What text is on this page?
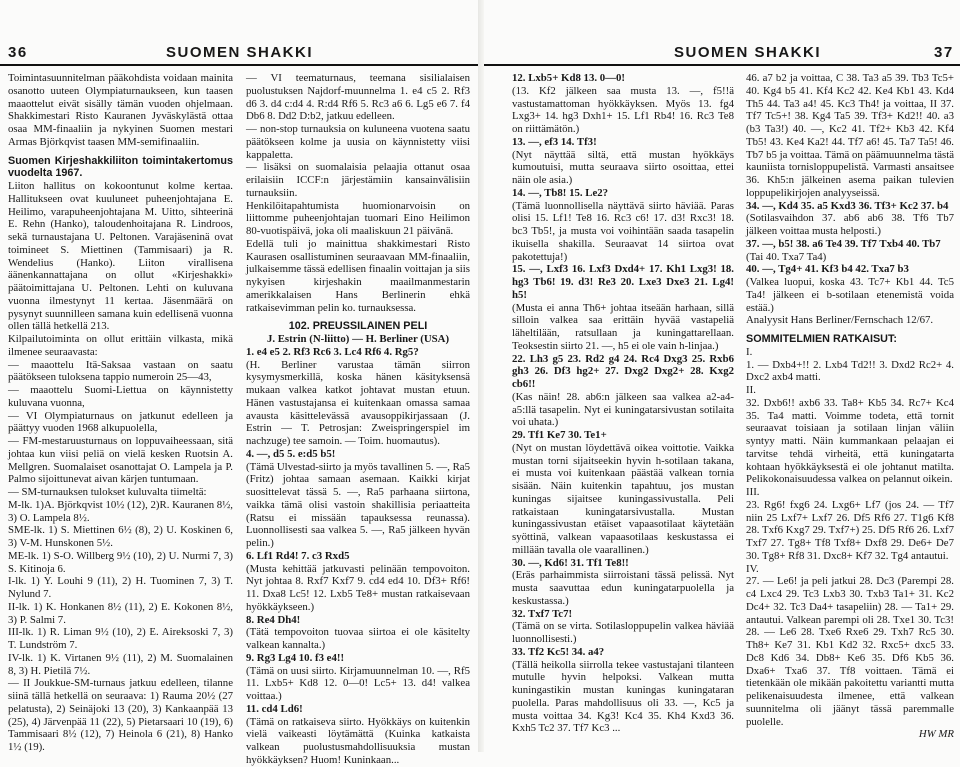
36	SUOMEN SHAKKI

Toimintasuunnitelman pääkohdista voidaan mainita osanotto uuteen Olympiaturnaukseen, kun taasen maaottelut eivät sisälly tämän vuoden ohjelmaan. Shakkimestari Risto Kauranen Jyväskylästä ottaa osaa MM-finaaliin ja nykyinen Suomen mestari Armas Björkqvist taasen MM-semifinaaliin.

Suomen Kirjeshakkiliiton toimintakertomus vuodelta 1967.

Liiton hallitus on kokoontunut kolme kertaa. Hallitukseen ovat kuuluneet puheenjohtajana E. Heilimo, varapuheenjohtajana M. Uitto, sihteerinä E. Rehn (Hanko), taloudenhoitajana R. Lindroos, sekä turnaustajana U. Peltonen. Varajäseninä ovat toimineet S. Miettinen (Tammisaari) ja R. Wendelius (Hanko). Liiton virallisena äänenkannattajana on ollut «Kirjeshakki» päätoimittajana U. Peltonen. Lehti on kuluvana vuonna ilmestynyt 11 kertaa. Jäsenmäärä on pysynyt suunnilleen samana kuin edellisenä vuonna ollen tällä hetkellä 213.

Kilpailutoiminta on ollut erittäin vilkasta, mikä ilmenee seuraavasta:

— maaottelu Itä-Saksaa vastaan on saatu päätökseen tuloksena tappio numeroin 25—43,

— maaottelu Suomi-Liettua on käynnistetty kuluvana vuonna,

— VI Olympiaturnaus on jatkunut edelleen ja päättyy vuoden 1968 alkupuolella,

— FM-mestaruusturnaus on loppuvaiheessaan, sitä johtaa kun viisi peliä on vielä kesken Ruotsin A. Mellgren. Suomalaiset osanottajat O. Lampela ja P. Palmo sijoittunevat aivan kärjen tuntumaan.

— SM-turnauksen tulokset kuluvalta tiimeltä:

M-lk. 1)A. Björkqvist 10½ (12), 2)R. Kauranen 8½, 3) O. Lampela 8½.

SME-lk. 1) S. Miettinen 6½ (8), 2) U. Koskinen 6, 3) V-M. Hunskonen 5½.

ME-lk. 1) S-O. Willberg 9½ (10), 2) U. Nurmi 7, 3) S. Kitinoja 6.

I-lk. 1) Y. Louhi 9 (11), 2) H. Tuominen 7, 3) T. Nylund 7.

II-lk. 1) K. Honkanen 8½ (11), 2) E. Kokonen 8½, 3) P. Salmi 7.

III-lk. 1) R. Liman 9½ (10), 2) E. Aireksoski 7, 3) T. Lundström 7.

IV-lk. 1) K. Virtanen 9½ (11), 2) M. Suomalainen 8, 3) H. Pietilä 7½.

— II Joukkue-SM-turnaus jatkuu edelleen, tilanne siinä tällä hetkellä on seuraava: 1) Rauma 20½ (27 pelatusta), 2) Seinäjoki 13 (20), 3) Kankaanpää 13 (25), 4) Järvenpää 11 (22), 5) Pietarsaari 10 (19), 6) Tammisaari 8½ (12), 7) Heinola 6 (21), 8) Hanko 1½ (19).

— VI teematurnaus, teemana sisilialaisen puolustuksen Najdorf-muunnelma 1. e4 c5 2. Rf3 d6 3. d4 c:d4 4. R:d4 Rf6 5. Rc3 a6 6. Lg5 e6 7. f4 Db6 8. Dd2 D:b2, jatkuu edelleen.

— non-stop turnauksia on kuluneena vuotena saatu päätökseen kolme ja uusia on käynnistetty viisi kappaletta.

— lisäksi on suomalaisia pelaajia ottanut osaa erilaisiin ICCF:n järjestämiin kansainvälisiin turnauksiin.

Henkilöitapahtumista huomionarvoisin on liittomme puheenjohtajan tuomari Eino Heilimon 80-vuotispäivä, joka oli maaliskuun 21 päivänä.

Edellä tuli jo mainittua shakkimestari Risto Kaurasen osallistuminen seuraavaan MM-finaaliin, julkaisemme tässä edellisen finaalin voittajan ja siis nykyisen kirjeshakin maailmanmestarin amerikkalaisen Hans Berlinerin ehkä ratkaisevimman pelin ko. turnauksessa.

102. PREUSSILAINEN PELI

J. Estrin (N-liitto) — H. Berliner (USA)

1. e4 e5 2. Rf3 Rc6 3. Lc4 Rf6 4. Rg5?

(H. Berliner varustaa tämän siirron kysymysmerkillä, koska hänen käsityksensä mukaan valkea katkot johtavat mustan etuun. Hänen vastustajansa ei kuitenkaan omassa samaa avausta käsittelevässä avausoppikirjassaan (J. Estrin — T. Petrosjan: Zweispringerspiel im nachzuge) tee samoin. — Toim. huomautus).

4. —, d5 5. e:d5 b5!

(Tämä Ulvestad-siirto ja myös tavallinen 5. —, Ra5 (Fritz) johtaa samaan asemaan. Kaikki kirjat suosittelevat tässä 5. —, Ra5 parhaana siirtona, vaikka tämä olisi vastoin shakillisia periaatteita (Ratsu ei missään tapauksessa reunassa). Luonnollisesti saa valkea 5. —, Ra5 jälkeen hyvän pelin.)

6. Lf1 Rd4! 7. c3 Rxd5

(Musta kehittää jatkuvasti pelinään tempovoiton. Nyt johtaa 8. Rxf7 Kxf7 9. cd4 ed4 10. Df3+ Rf6! 11. Dxa8 Lc5! 12. Lxb5 Te8+ mustan ratkaisevaan hyökkäykseen.)

8. Re4 Dh4!

(Tätä tempovoiton tuovaa siirtoa ei ole käsitelty valkean kannalta.)

9. Rg3 Lg4 10. f3 e4!!

(Tämä on uusi siirto. Kirjamuunnelman 10. —, Rf5 11. Lxb5+ Kd8 12. 0—0! Lc5+ 13. d4! valkea voittaa.)

11. cd4 Ld6!

(Tämä on ratkaiseva siirto. Hyökkäys on kuitenkin vielä vaikeasti löytämättä (Kuinka katkaista valkean puolustusmahdollisuuksia mustan hyökkäyksen? Huom! Kuninkaan...

SUOMEN SHAKKI	37

12. Lxb5+ Kd8 13. 0—0!

(13. Kf2 jälkeen saa musta 13. —, f5!!ä vastustamattoman hyökkäyksen. Myös 13. fg4 Lxg3+ 14. hg3 Dxh1+ 15. Lf1 Rb4! 16. Rc3 Te8 on riittämätön.)

13. —, ef3 14. Tf3!

(Nyt näyttää siltä, että mustan hyökkäys kumoutuisi, mutta seuraava siirto osoittaa, ettei näin ole asia.)

14. —, Tb8! 15. Le2?

(Tämä luonnollisella näyttävä siirto häviää. Paras olisi 15. Lf1! Te8 16. Rc3 c6! 17. d3! Rxc3! 18. bc3 Tb5!, ja musta voi voihintään saada tasapelin ikuisella shakilla. Seuraavat 14 siirtoa ovat pakotettuja!)

15. —, Lxf3 16. Lxf3 Dxd4+ 17. Kh1 Lxg3! 18. hg3 Tb6! 19. d3! Re3 20. Lxe3 Dxe3 21. Lg4! h5!

(Musta ei anna Th6+ johtaa itseään harhaan, sillä silloin valkea saa erittäin hyvää vastapeliä läheltilään, ratsullaan ja kuningattarellaan. Teoksestin siirto 21. —, h5 ei ole vain h-linjaa.)

22. Lh3 g5 23. Rd2 g4 24. Rc4 Dxg3 25. Rxb6 gh3 26. Df3 hg2+ 27. Dxg2 Dxg2+ 28. Kxg2 cb6!!

(Kas näin! 28. ab6:n jälkeen saa valkea a2-a4-a5:llä tasapelin. Nyt ei kuningatarsivustan sotilaita voi uhata.)

29. Tf1 Ke7 30. Te1+

(Nyt on mustan löydettävä oikea voittotie. Vaikka mustan torni sijaitseekin hyvin h-sotilaan takana, ei musta voi kuitenkaan päästää valkean tornia sisään. Näin kuitenkin tapahtuu, jos mustan kuningas sijaitsee kuningassivustalla. Peli ratkaistaan kuningatarsivustalla. Mustan kuningassivustan etäiset vapaasotilaat käytetään syöttinä, valkean vapaasotilaas keskustassa ei millään tavalla ole vaarallinen.)

30. —, Kd6! 31. Tf1 Te8!!

(Eräs parhaimmista siirroistani tässä pelissä. Nyt musta saavuttaa edun kuningatarpuolella ja keskustassa.)

32. Txf7 Tc7!

(Tämä on se virta. Sotilasloppupelin valkea häviää luonnollisesti.)

33. Tf2 Kc5! 34. a4?

(Tällä heikolla siirrolla tekee vastustajani tilanteen mutulle hyvin helpoksi. Valkean mutta kuningastikin mustan kuningas kuningataran puolella. Paras mahdollisuus oli 33. —, Kc5 ja musta voittaa 34. Kg3! Kc4 35. Kh4 Kxd3 36. Kxh5 Tc2 37. Tf7 Kc3 ...

46. a7 b2 ja voittaa, C 38. Ta3 a5 39. Tb3 Tc5+ 40. Kg4 b5 41. Kf4 Kc2 42. Ke4 Kb1 43. Kd4 Th5 44. Ta3 a4! 45. Kc3 Th4! ja voittaa, II 37. Tf7 Tc5+! 38. Kg4 Ta5 39. Tf3+ Kd2!! 40. a3 (b3 Ta3!) 40. —, Kc2 41. Tf2+ Kb3 42. Kf4 Tb5! 43. Ke4 Ka2! 44. Tf7 a6! 45. Ta7 Ta5! 46. Tb7 b5 ja voittaa. Tämä on päämuunnelma tästä kauniista tornisloppupelistä. Varmasti ansaitsee 36. Kh5:n jälkeinen asema paikan tulevien loppupelikirjojen analyyseissä.

34. —, Kd4 35. a5 Kxd3 36. Tf3+ Kc2 37. b4

(Sotilasvaihdon 37. ab6 ab6 38. Tf6 Tb7 jälkeen voittaa musta helposti.)

37. —, b5! 38. a6 Te4 39. Tf7 Txb4 40. Tb7

(Tai 40. Txa7 Ta4)

40. —, Tg4+ 41. Kf3 b4 42. Txa7 b3

(Valkea luopui, koska 43. Tc7+ Kb1 44. Tc5 Ta4! jälkeen ei b-sotilaan etenemistä voida estää.)

Analyysit Hans Berliner/Fernschach 12/67.

SOMMITELMIEN RATKAISUT:

I.

1. — Dxb4+!! 2. Lxb4 Td2!! 3. Dxd2 Rc2+ 4. Dxc2 axb4 matti.

II.

32. Dxb6!! axb6 33. Ta8+ Kb5 34. Rc7+ Kc4 35. Ta4 matti. Voimme todeta, että tornit seuraavat toisiaan ja sotilaan linjan väliin syntyy matti. Näin kummankaan pelaajan ei tarvitse tehdä virheitä, että kuningatarta kohtaan hyökkäyksestä ei ole johtanut matilta. Pelikokonaisuudessa valkea on pelannut oikein.

III.

23. Rg6! fxg6 24. Lxg6+ Lf7 (jos 24. — Tf7 niin 25 Lxf7+ Lxf7 26. Df5 Rf6 27. T1g6 Kf8 28. Txf6 Kxg7 29. Txf7+) 25. Df5 Rf6 26. Lxf7 Txf7 27. Tg8+ Tf8 Txf8+ Dxf8 29. De6+ De7 30. Tg8+ Rf8 31. Dxc8+ Kf7 32. Tg4 antautui.

IV.

27. — Le6! ja peli jatkui 28. Dc3 (Parempi 28. c4 Lxc4 29. Tc3 Lxb3 30. Txb3 Ta1+ 31. Kc2 Dc4+ 32. Tc3 Da4+ tasapeliin) 28. — Ta1+ 29. antautui. Valkean parempi oli 28. Txe1 30. Tc3! 28. — Le6 28. Txe6 Rxe6 29. Txh7 Rc5 30. Th8+ Ke7 31. Kb1 Kd2 32. Rxc5+ dxc5 33. Dc8 Kd6 34. Db8+ Ke6 35. Df6 Kb5 36. Dxa6+ Txa6 37. Tf8 voittaen. Tämä ei tietenkään ole mikään pakoitettu variantti mutta pelikenaisuudesta ilmenee, että valkean suunnitelma oli jäänyt tässä paremmalle puolelle.

HW MR
